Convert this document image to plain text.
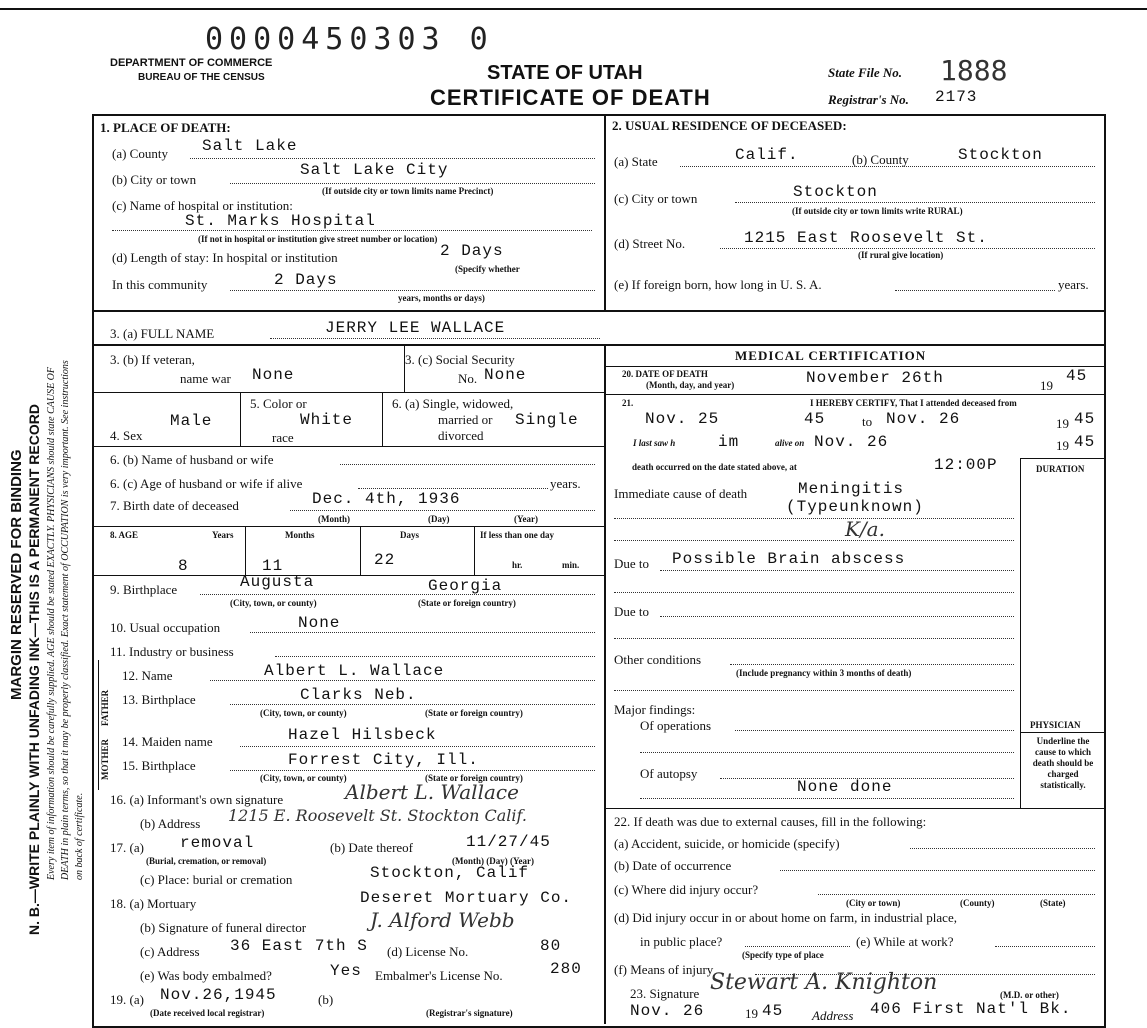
0000450303 0
DEPARTMENT OF COMMERCE
BUREAU OF THE CENSUS	STATE OF UTAH
CERTIFICATE OF DEATH
State File No. 1888
Registrar's No. 2173
MARGIN RESERVED FOR BINDING N. B.—WRITE PLAINLY WITH UNFADING INK—THIS IS A PERMANENT RECORD Every item of information should be carefully supplied. AGE should be stated EXACTLY. PHYSICIANS should state CAUSE OF DEATH in plain terms, so that it may be properly classified. Exact statement of OCCUPATION is very important. See instructions on back of certificate.
1. PLACE OF DEATH:
(a) County Salt Lake
(b) City or town
Salt Lake City
(If outside city or town limits name Precinct)
(c) Name of hospital or institution:
St. Marks Hospital
(If not in hospital or institution give street number or location)
(d) Length of stay: In hospital or institution	2 Days
(Specify whether
In this community	2 Days
years, months or days)
2. USUAL RESIDENCE OF DECEASED:
(a) State	Calif.	(b) County	Stockton
(c) City or town	Stockton
(If outside city or town limits write RURAL)
(d) Street No.	1215 East Roosevelt St.
(If rural give location)
(e) If foreign born, how long in U. S. A.	years.
3. (a) FULL NAME	JERRY LEE WALLACE
3. (b) If veteran,
name war None
3. (c) Social Security
No. None
Male
4. Sex
5. Color or
White
race
6. (a) Single, widowed,
married or
divorced
Single
6. (b) Name of husband or wife
6. (c) Age of husband or wife if alive	years.
7. Birth date of deceased	Dec. 4th, 1936
(Month)	(Day)	(Year)
8. AGE	Years	Months	Days	If less than one day
8	11	22	hr.	min.
9. Birthplace	Augusta	Georgia
(City, town, or county)	(State or foreign country)
10. Usual occupation	None
11. Industry or business
FATHER
MOTHER
12. Name	Albert L. Wallace
13. Birthplace	Clarks Neb.
(City, town, or county)	(State or foreign country)
14. Maiden name	Hazel Hilsbeck
15. Birthplace	Forrest City, Ill.
(City, town, or county)	(State or foreign country)
16. (a) Informant's own signature	Albert L. Wallace
(b) Address 1215 E. Roosevelt St. Stockton Calif.
17. (a) removal
(Burial, cremation, or removal)
(b) Date thereof	11/27/45
(Month) (Day) (Year)
(c) Place: burial or cremation	Stockton, Calif
18. (a) Mortuary	Deseret Mortuary Co.
(b) Signature of funeral director	J. Alford Webb
(c) Address 36 East 7th S (d) License No.	80
(e) Was body embalmed?	Yes Embalmer's License No.	280
19. (a) Nov.26,1945
(Date received local registrar)
(b)
(Registrar's signature)
MEDICAL CERTIFICATION
20. DATE OF DEATH
(Month, day, and year)	November 26th	19
45
21.	I HEREBY CERTIFY, That I attended deceased from
Nov. 25	45	to Nov. 26	19 45
I last saw h	im	alive on Nov. 26	19 45
death occurred on the date stated above, at	12:00P	DURATION
Immediate cause of death	Meningitis
(Typeunknown)
K/a.
Due to Possible Brain abscess
Due to
Other conditions
(Include pregnancy within 3 months of death)
Major findings:
Of operations
Of autopsy
None done
PHYSICIAN
Underline the cause to which death should be charged statistically.
22. If death was due to external causes, fill in the following:
(a) Accident, suicide, or homicide (specify)
(b) Date of occurrence
(c) Where did injury occur?
(City or town)	(County)	(State)
(d) Did injury occur in or about home on farm, in industrial place,
in public place?	(e) While at work?
(Specify type of place
(f) Means of injury
23. Signature Stewart A. Knighton	(M.D. or other)
Nov. 26	19 45 Address 406 First Nat'l Bk.
